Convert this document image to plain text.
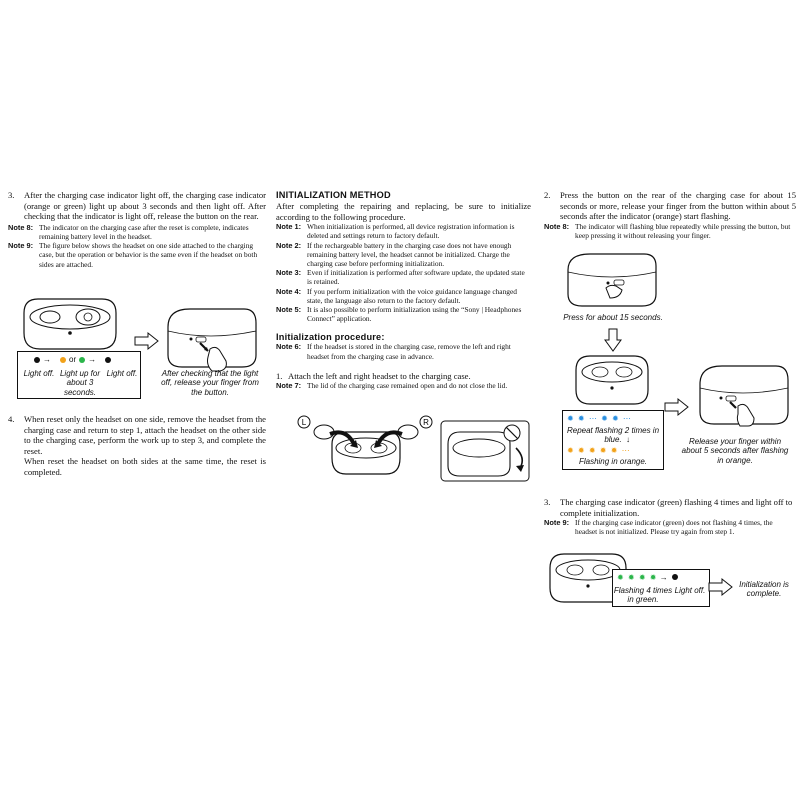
3.	After the charging case indicator light off, the charging case indicator (orange or green) light up about 3 seconds and then light off. After checking that the indicator is light off, release the button on the rear.
Note 8: The indicator on the charging case after the reset is complete, indicates remaining battery level in the headset.
Note 9: The figure below shows the headset on one side attached to the charging case, but the operation or behavior is the same even if the headset on both sides are attached.
→ or →
Light off. Light up for about 3 seconds.
Light off.	After checking that the light off, release your finger from the button.
4.	When reset only the headset on one side, remove the headset from the charging case and return to step 1, attach the headset on the other side to the charging case, perform the work up to step 3, and complete the reset.
When reset the headset on both sides at the same time, the reset is completed.
INITIALIZATION METHOD
After completing the repairing and replacing, be sure to initialize according to the following procedure.
Note 1: When initialization is performed, all device registration information is deleted and settings return to factory default.
Note 2: If the rechargeable battery in the charging case does not have enough remaining battery level, the headset cannot be initialized. Charge the charging case before performing initialization.
Note 3: Even if initialization is performed after software update, the updated state is retained.
Note 4: If you perform initialization with the voice guidance language changed state, the language also return to the factory default.
Note 5: It is also possible to perform initialization using the “Sony | Headphones Connect” application.
Initialization procedure:
Note 6: If the headset is stored in the charging case, remove the left and right headset from the charging case in advance.
1. Attach the left and right headset to the charging case.
Note 7: The lid of the charging case remained open and do not close the lid.
L	R
2.	Press the button on the rear of the charging case for about 15 seconds or more, release your finger from the button within about 5 seconds after the indicator (orange) start flashing.
Note 8: The indicator will flashing blue repeatedly while pressing the button, but keep pressing it without releasing your finger.
Press for about 15 seconds.
✹ ✹ ⋯ ✹ ✹ ⋯
Repeat flashing 2 times in blue. ↓
✹ ✹ ✹ ✹ ✹ ⋯
Flashing in orange.
Release your finger within about 5 seconds after flashing in orange.
3.	The charging case indicator (green) flashing 4 times and light off to complete initialization.
Note 9: If the charging case indicator (green) does not flashing 4 times, the headset is not initialized. Please try again from step 1.
✹ ✹ ✹ ✹ →
Flashing 4 times in green.
Light off.
Initialization is complete.
